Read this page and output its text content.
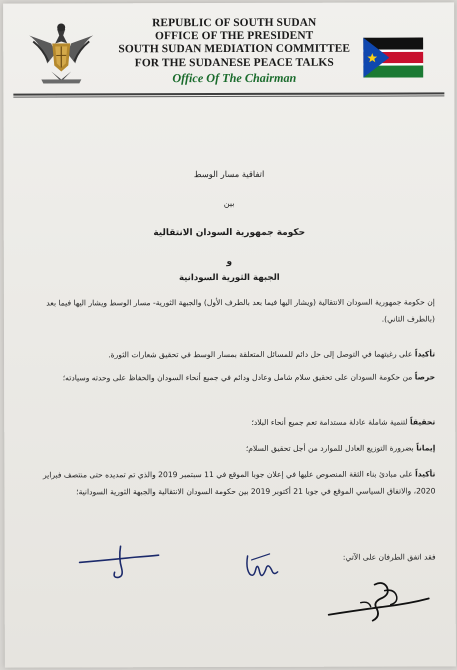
REPUBLIC OF SOUTH SUDAN
OFFICE OF THE PRESIDENT
SOUTH SUDAN MEDIATION COMMITTEE
FOR THE SUDANESE PEACE TALKS
Office Of The Chairman
اتفاقية مسار الوسط
بين
حكومة جمهورية السودان الانتقالية
و
الجبهة الثورية السودانية

إن حكومة جمهورية السودان الانتقالية (ويشار اليها فيما بعد بالطرف الأول) والجبهة الثورية- مسار الوسط ويشار اليها فيما بعد (بالطرف الثاني).

تأكيداً على رغبتهما في التوصل إلى حل دائم للمسائل المتعلقة بمسار الوسط في تحقيق شعارات الثورة.

حرصاً من حكومة السودان على تحقيق سلام شامل وعادل ودائم في جميع أنحاء السودان والحفاظ على وحدته وسيادته؛

تحقيقاً لتنمية شاملة عادلة مستدامة تعم جميع أنحاء البلاد؛

إيماناً بضرورة التوزيع العادل للموارد من أجل تحقيق السلام؛

تأكيداً على مبادئ بناء الثقة المنصوص عليها في إعلان جوبا الموقع في 11 سبتمبر 2019 والذي تم تمديده حتى منتصف فبراير 2020، والاتفاق السياسي الموقع في جوبا 21 أكتوبر 2019 بين حكومة السودان الانتقالية والجبهة الثورية السودانية؛

فقد اتفق الطرفان على الآتي:
